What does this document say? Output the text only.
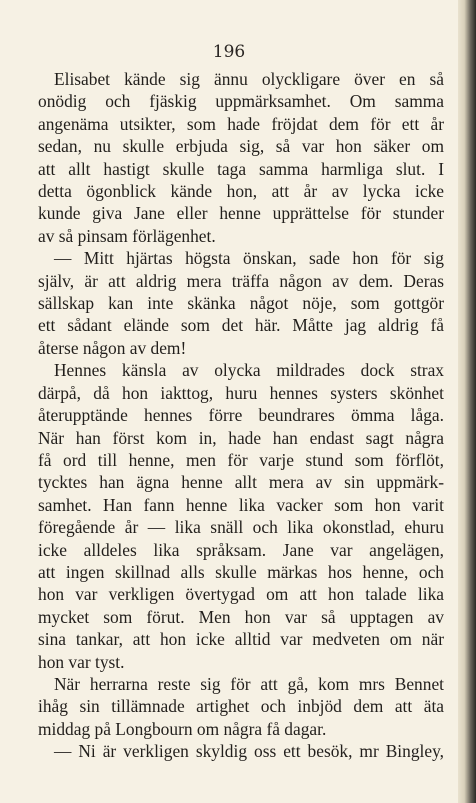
196
Elisabet kände sig ännu olyckligare över en så
onödig och fjäskig uppmärksamhet. Om samma
angenäma utsikter, som hade fröjdat dem för ett år
sedan, nu skulle erbjuda sig, så var hon säker om
att allt hastigt skulle taga samma harmliga slut. I
detta ögonblick kände hon, att år av lycka icke
kunde giva Jane eller henne upprättelse för stunder
av så pinsam förlägenhet.
— Mitt hjärtas högsta önskan, sade hon för sig
själv, är att aldrig mera träffa någon av dem. Deras
sällskap kan inte skänka något nöje, som gottgör
ett sådant elände som det här. Måtte jag aldrig få
återse någon av dem!
Hennes känsla av olycka mildrades dock strax
därpå, då hon iakttog, huru hennes systers skönhet
återupptände hennes förre beundrares ömma låga.
När han först kom in, hade han endast sagt några
få ord till henne, men för varje stund som förflöt,
tycktes han ägna henne allt mera av sin uppmärk-
samhet. Han fann henne lika vacker som hon varit
föregående år — lika snäll och lika okonstlad, ehuru
icke alldeles lika språksam. Jane var angelägen,
att ingen skillnad alls skulle märkas hos henne, och
hon var verkligen övertygad om att hon talade lika
mycket som förut. Men hon var så upptagen av
sina tankar, att hon icke alltid var medveten om när
hon var tyst.
När herrarna reste sig för att gå, kom mrs Bennet
ihåg sin tillämnade artighet och inbjöd dem att äta
middag på Longbourn om några få dagar.
— Ni är verkligen skyldig oss ett besök, mr Bingley,
